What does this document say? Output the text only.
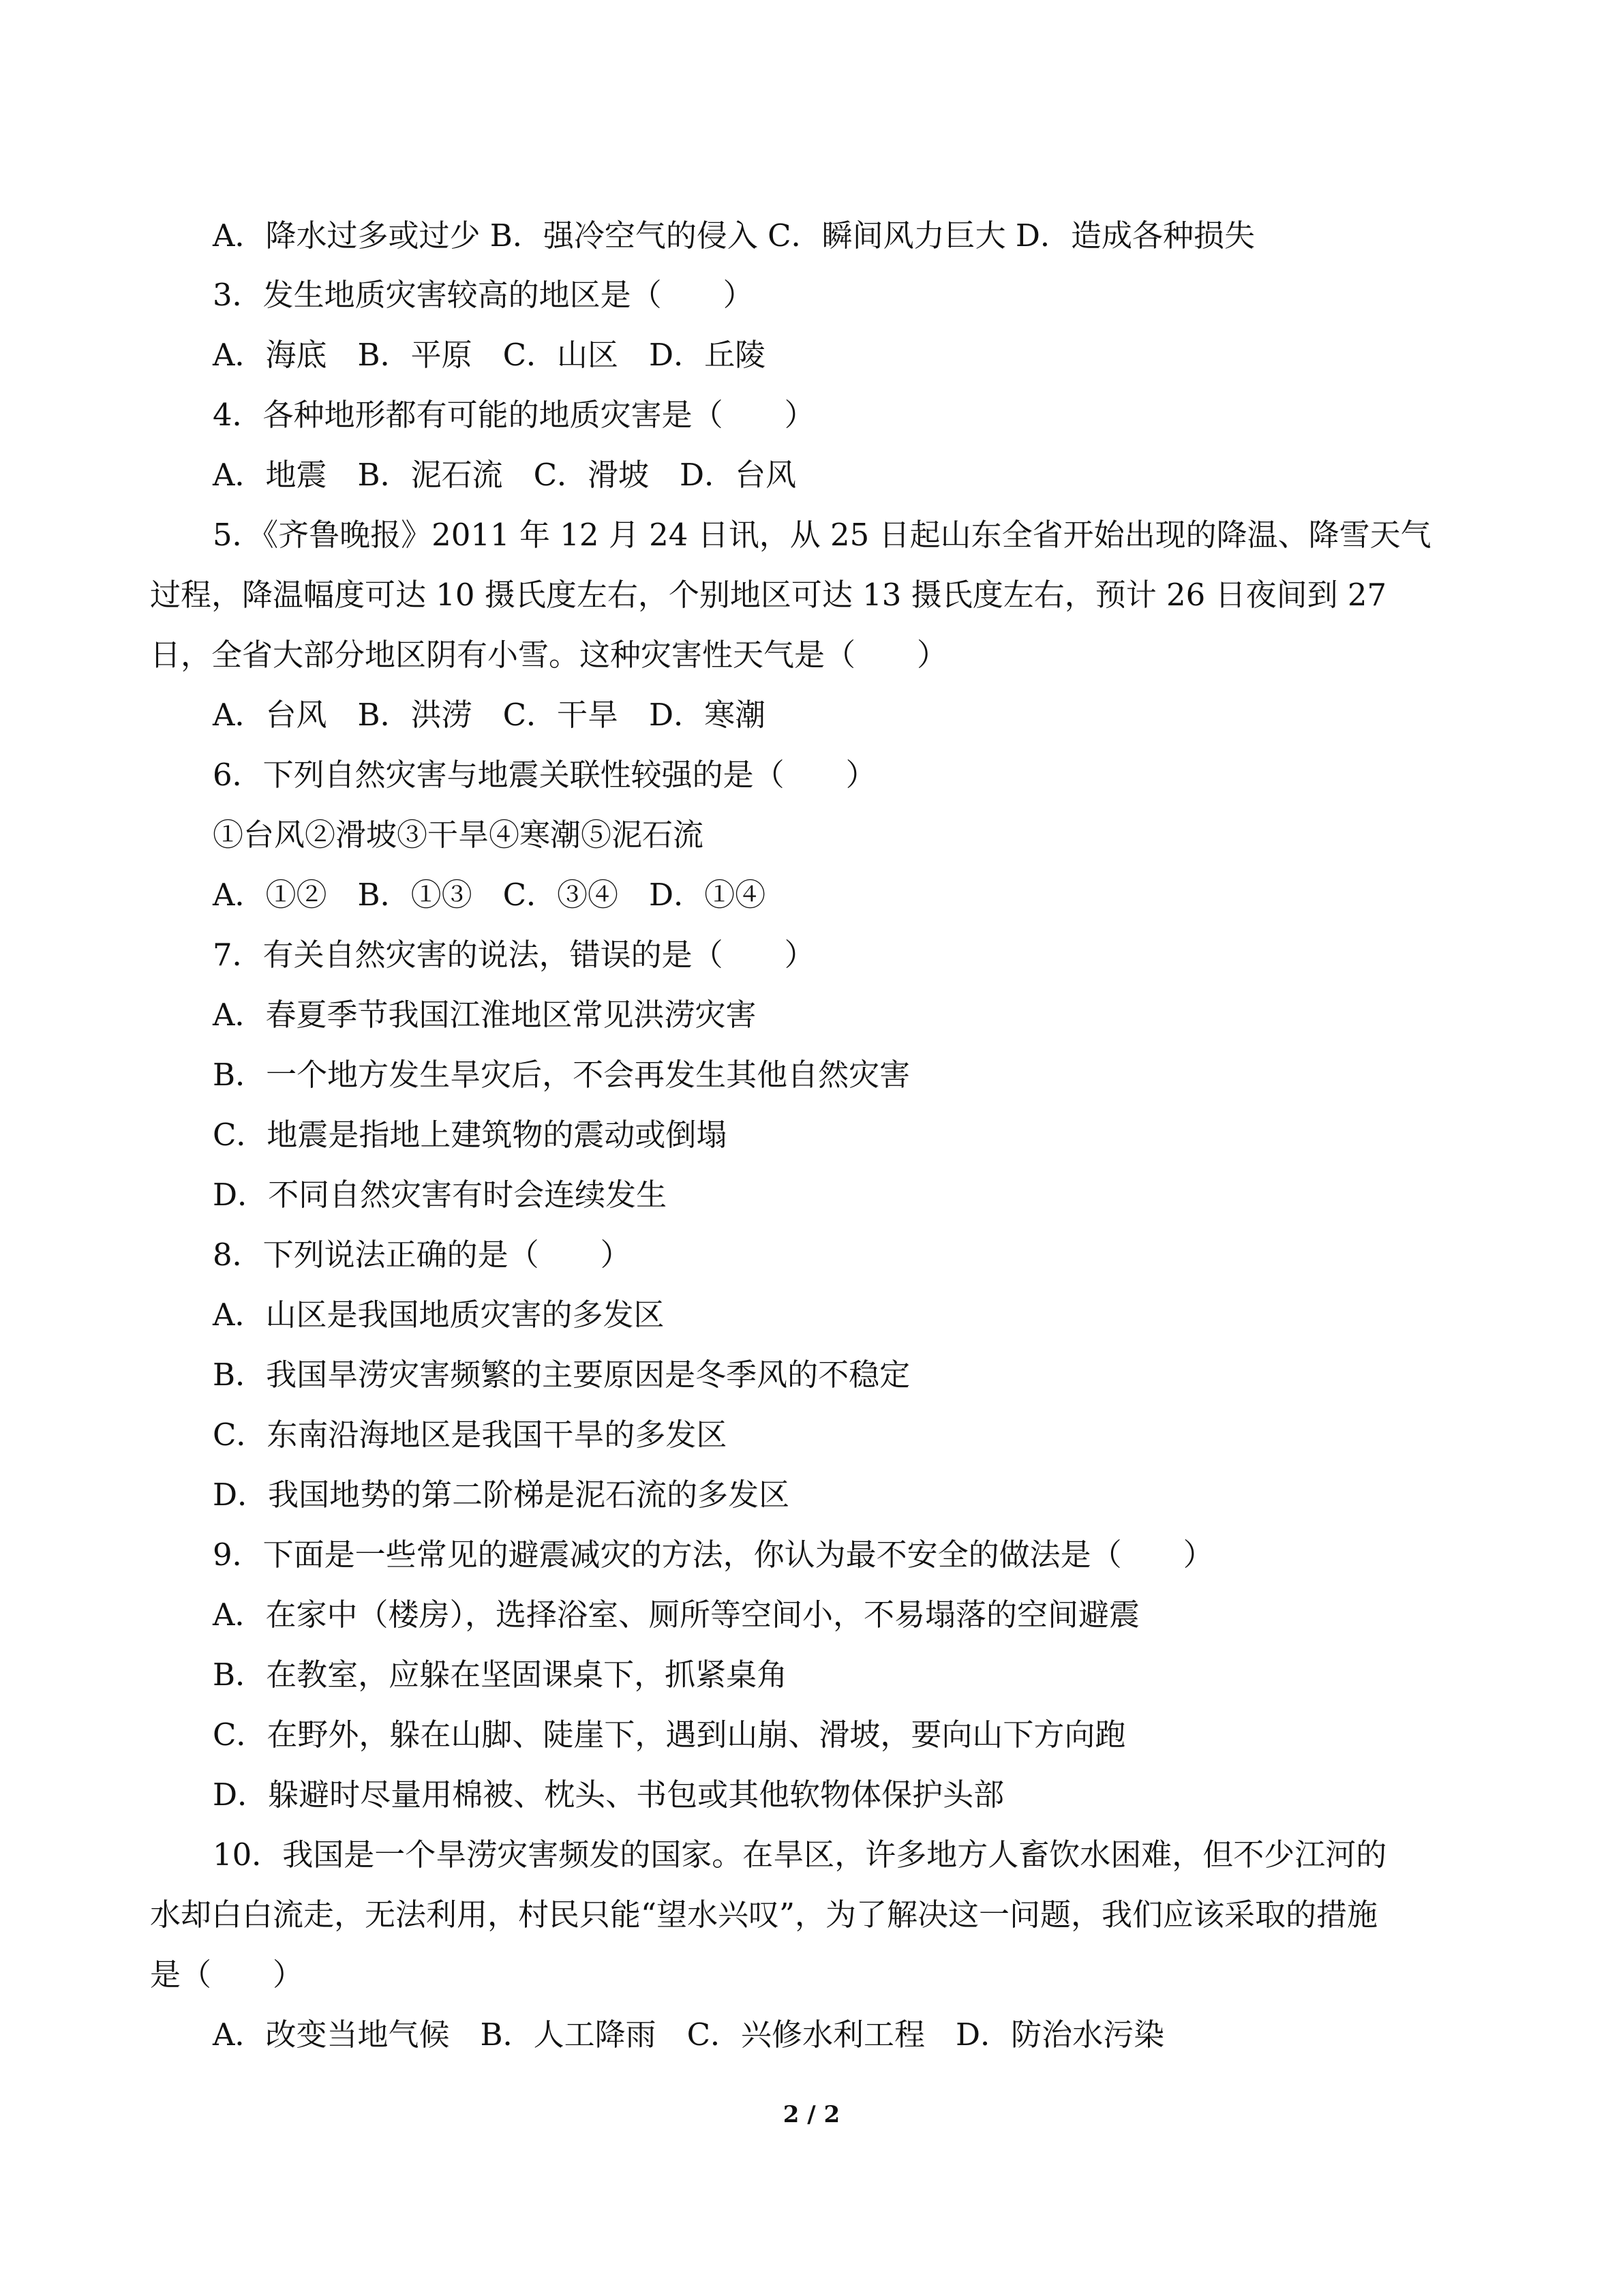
A．降水过多或过少 B．强冷空气的侵入 C．瞬间风力巨大 D．造成各种损失
3．发生地质灾害较高的地区是（　　）
A．海底　B．平原　C．山区　D．丘陵
4．各种地形都有可能的地质灾害是（　　）
A．地震　B．泥石流　C．滑坡　D．台风
5．《齐鲁晚报》2011 年 12 月 24 日讯，从 25 日起山东全省开始出现的降温、降雪天气
过程，降温幅度可达 10 摄氏度左右，个别地区可达 13 摄氏度左右，预计 26 日夜间到 27
日，全省大部分地区阴有小雪。这种灾害性天气是（　　）
A．台风　B．洪涝　C．干旱　D．寒潮
6．下列自然灾害与地震关联性较强的是（　　）
①台风②滑坡③干旱④寒潮⑤泥石流
A．①②　B．①③　C．③④　D．①④
7．有关自然灾害的说法，错误的是（　　）
A．春夏季节我国江淮地区常见洪涝灾害
B．一个地方发生旱灾后，不会再发生其他自然灾害
C．地震是指地上建筑物的震动或倒塌
D．不同自然灾害有时会连续发生
8．下列说法正确的是（　　）
A．山区是我国地质灾害的多发区
B．我国旱涝灾害频繁的主要原因是冬季风的不稳定
C．东南沿海地区是我国干旱的多发区
D．我国地势的第二阶梯是泥石流的多发区
9．下面是一些常见的避震减灾的方法，你认为最不安全的做法是（　　）
A．在家中（楼房），选择浴室、厕所等空间小，不易塌落的空间避震
B．在教室，应躲在坚固课桌下，抓紧桌角
C．在野外，躲在山脚、陡崖下，遇到山崩、滑坡，要向山下方向跑
D．躲避时尽量用棉被、枕头、书包或其他软物体保护头部
10．我国是一个旱涝灾害频发的国家。在旱区，许多地方人畜饮水困难，但不少江河的
水却白白流走，无法利用，村民只能“望水兴叹”，为了解决这一问题，我们应该采取的措施
是（　　）
A．改变当地气候　B．人工降雨　C．兴修水利工程　D．防治水污染
2 / 2
